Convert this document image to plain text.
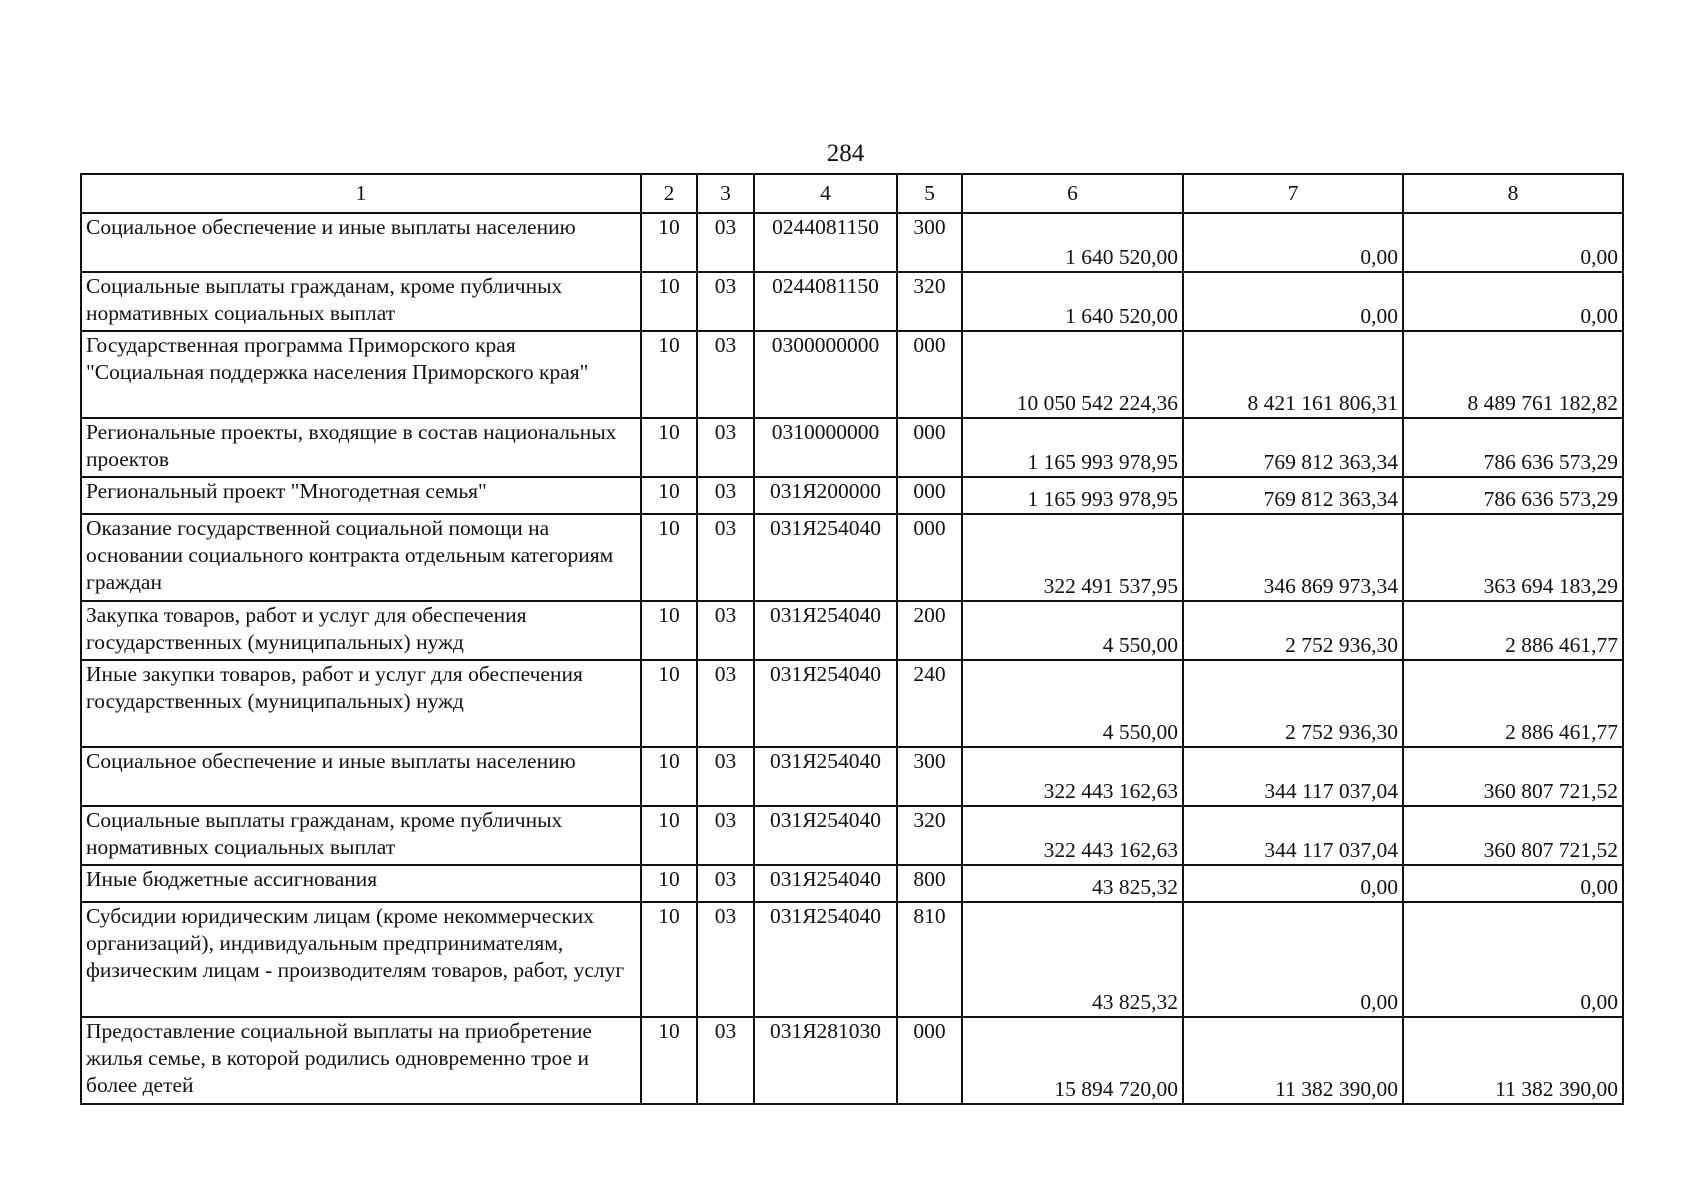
284
1	2	3	4	5	6	7	8
Социальное обеспечение и иные выплаты населению	10	03	0244081150	300	1 640 520,00	0,00	0,00
Социальные выплаты гражданам, кроме публичных нормативных социальных выплат	10	03	0244081150	320	1 640 520,00	0,00	0,00
Государственная программа Приморского края "Социальная поддержка населения Приморского края"	10	03	0300000000	000	10 050 542 224,36	8 421 161 806,31	8 489 761 182,82
Региональные проекты, входящие в состав национальных проектов	10	03	0310000000	000	1 165 993 978,95	769 812 363,34	786 636 573,29
Региональный проект "Многодетная семья"	10	03	031Я200000	000	1 165 993 978,95	769 812 363,34	786 636 573,29
Оказание государственной социальной помощи на основании социального контракта отдельным категориям граждан	10	03	031Я254040	000	322 491 537,95	346 869 973,34	363 694 183,29
Закупка товаров, работ и услуг для обеспечения государственных (муниципальных) нужд	10	03	031Я254040	200	4 550,00	2 752 936,30	2 886 461,77
Иные закупки товаров, работ и услуг для обеспечения государственных (муниципальных) нужд	10	03	031Я254040	240	4 550,00	2 752 936,30	2 886 461,77
Социальное обеспечение и иные выплаты населению	10	03	031Я254040	300	322 443 162,63	344 117 037,04	360 807 721,52
Социальные выплаты гражданам, кроме публичных нормативных социальных выплат	10	03	031Я254040	320	322 443 162,63	344 117 037,04	360 807 721,52
Иные бюджетные ассигнования	10	03	031Я254040	800	43 825,32	0,00	0,00
Субсидии юридическим лицам (кроме некоммерческих организаций), индивидуальным предпринимателям, физическим лицам - производителям товаров, работ, услуг	10	03	031Я254040	810	43 825,32	0,00	0,00
Предоставление социальной выплаты на приобретение жилья семье, в которой родились одновременно трое и более детей	10	03	031Я281030	000	15 894 720,00	11 382 390,00	11 382 390,00
